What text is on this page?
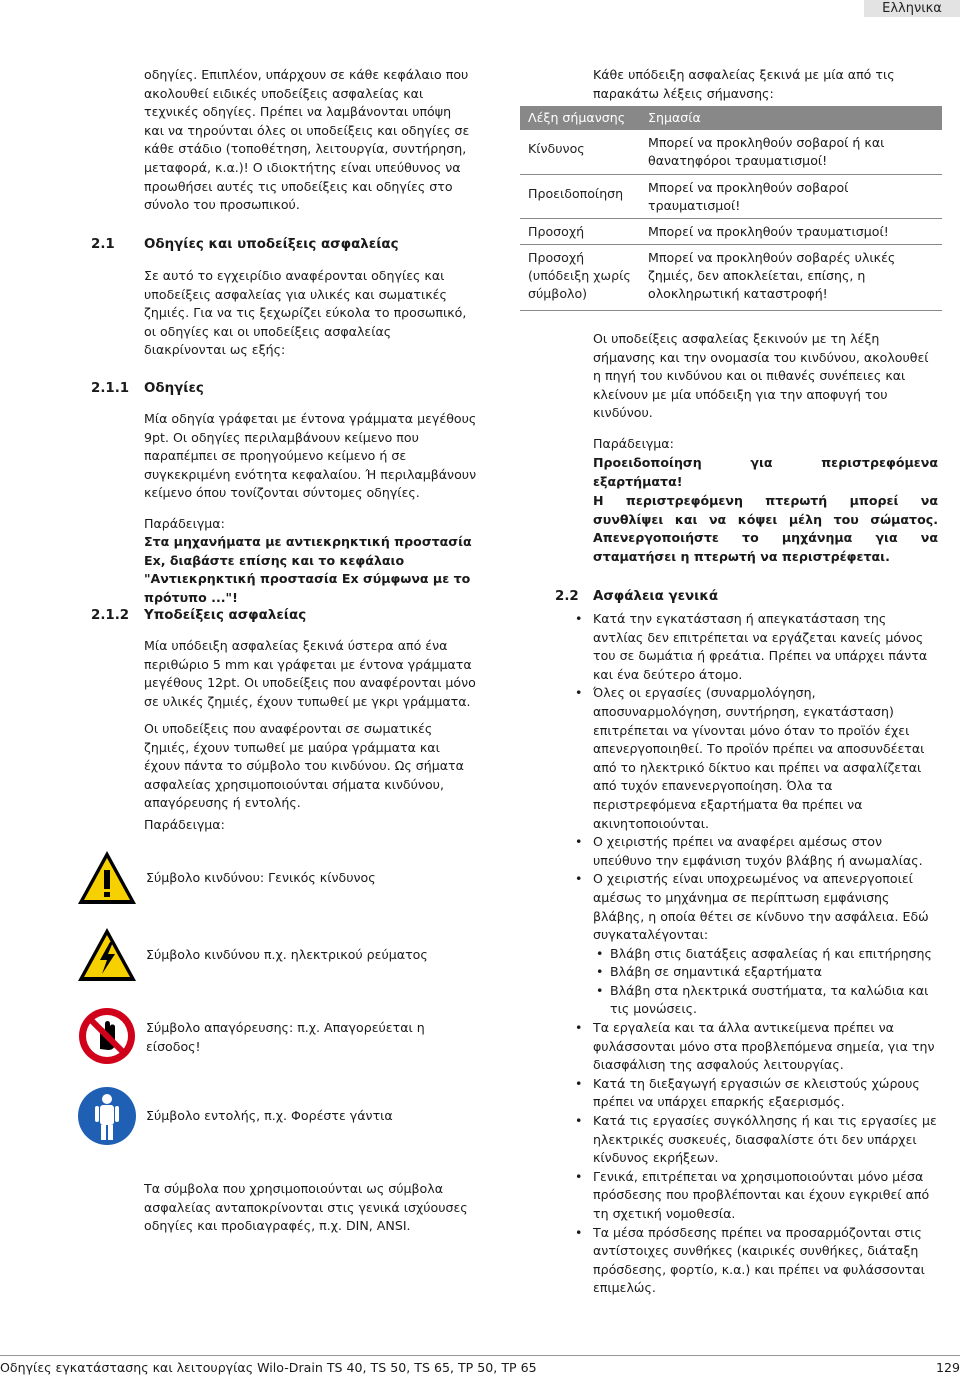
Ελληνικα

οδηγίες. Επιπλέον, υπάρχουν σε κάθε κεφάλαιο που ακολουθεί ειδικές υποδείξεις ασφαλείας και τεχνικές οδηγίες. Πρέπει να λαμβάνονται υπόψη και να τηρούνται όλες οι υποδείξεις και οδηγίες σε κάθε στάδιο (τοποθέτηση, λειτουργία, συντήρηση, μεταφορά, κ.α.)! Ο ιδιοκτήτης είναι υπεύθυνος να προωθήσει αυτές τις υποδείξεις και οδηγίες στο σύνολο του προσωπικού.

2.1 Οδηγίες και υποδείξεις ασφαλείας

Σε αυτό το εγχειρίδιο αναφέρονται οδηγίες και υποδείξεις ασφαλείας για υλικές και σωματικές ζημιές. Για να τις ξεχωρίζει εύκολα το προσωπικό, οι οδηγίες και οι υποδείξεις ασφαλείας διακρίνονται ως εξής:

2.1.1 Οδηγίες

Μία οδηγία γράφεται με έντονα γράμματα μεγέθους 9pt. Οι οδηγίες περιλαμβάνουν κείμενο που παραπέμπει σε προηγούμενο κείμενο ή σε συγκεκριμένη ενότητα κεφαλαίου. Ή περιλαμβάνουν κείμενο όπου τονίζονται σύντομες οδηγίες.

Παράδειγμα:

Στα μηχανήματα με αντιεκρηκτική προστασία Ex, διαβάστε επίσης και το κεφάλαιο "Αντιεκρηκτική προστασία Ex σύμφωνα με το πρότυπο ..."!

2.1.2 Υποδείξεις ασφαλείας

Μία υπόδειξη ασφαλείας ξεκινά ύστερα από ένα περιθώριο 5 mm και γράφεται με έντονα γράμματα μεγέθους 12pt. Οι υποδείξεις που αναφέρονται μόνο σε υλικές ζημιές, έχουν τυπωθεί με γκρι γράμματα.

Οι υποδείξεις που αναφέρονται σε σωματικές ζημιές, έχουν τυπωθεί με μαύρα γράμματα και έχουν πάντα το σύμβολο του κινδύνου. Ως σήματα ασφαλείας χρησιμοποιούνται σήματα κινδύνου, απαγόρευσης ή εντολής.

Παράδειγμα:

Σύμβολο κινδύνου: Γενικός κίνδυνος
Σύμβολο κινδύνου π.χ. ηλεκτρικού ρεύματος
Σύμβολο απαγόρευσης: π.χ. Απαγορεύεται η είσοδος!
Σύμβολο εντολής, π.χ. Φορέστε γάντια

Τα σύμβολα που χρησιμοποιούνται ως σύμβολα ασφαλείας ανταποκρίνονται στις γενικά ισχύουσες οδηγίες και προδιαγραφές, π.χ. DIN, ANSI.

Κάθε υπόδειξη ασφαλείας ξεκινά με μία από τις παρακάτω λέξεις σήμανσης:

Λέξη σήμανσης	Σημασία
Κίνδυνος	Μπορεί να προκληθούν σοβαροί ή και θανατηφόροι τραυματισμοί!
Προειδοποίηση	Μπορεί να προκληθούν σοβαροί τραυματισμοί!
Προσοχή	Μπορεί να προκληθούν τραυματισμοί!
Προσοχή (υπόδειξη χωρίς σύμβολο)	Μπορεί να προκληθούν σοβαρές υλικές ζημιές, δεν αποκλείεται, επίσης, η ολοκληρωτική καταστροφή!

Οι υποδείξεις ασφαλείας ξεκινούν με τη λέξη σήμανσης και την ονομασία του κινδύνου, ακολουθεί η πηγή του κινδύνου και οι πιθανές συνέπειες και κλείνουν με μία υπόδειξη για την αποφυγή του κινδύνου.

Παράδειγμα:

Προειδοποίηση για περιστρεφόμενα εξαρτήματα!

Η περιστρεφόμενη πτερωτή μπορεί να συνθλίψει και να κόψει μέλη του σώματος. Απενεργοποιήστε το μηχάνημα για να σταματήσει η πτερωτή να περιστρέφεται.

2.2 Ασφάλεια γενικά
• Κατά την εγκατάσταση ή απεγκατάσταση της αντλίας δεν επιτρέπεται να εργάζεται κανείς μόνος του σε δωμάτια ή φρεάτια. Πρέπει να υπάρχει πάντα και ένα δεύτερο άτομο.
• Όλες οι εργασίες (συναρμολόγηση, αποσυναρμολόγηση, συντήρηση, εγκατάσταση) επιτρέπεται να γίνονται μόνο όταν το προϊόν έχει απενεργοποιηθεί. Το προϊόν πρέπει να αποσυνδέεται από το ηλεκτρικό δίκτυο και πρέπει να ασφαλίζεται από τυχόν επανενεργοποίηση. Όλα τα περιστρεφόμενα εξαρτήματα θα πρέπει να ακινητοποιούνται.
• Ο χειριστής πρέπει να αναφέρει αμέσως στον υπεύθυνο την εμφάνιση τυχόν βλάβης ή ανωμαλίας.
• Ο χειριστής είναι υποχρεωμένος να απενεργοποιεί αμέσως το μηχάνημα σε περίπτωση εμφάνισης βλάβης, η οποία θέτει σε κίνδυνο την ασφάλεια. Εδώ συγκαταλέγονται:
• Βλάβη στις διατάξεις ασφαλείας ή και επιτήρησης
• Βλάβη σε σημαντικά εξαρτήματα
• Βλάβη στα ηλεκτρικά συστήματα, τα καλώδια και τις μονώσεις.
• Τα εργαλεία και τα άλλα αντικείμενα πρέπει να φυλάσσονται μόνο στα προβλεπόμενα σημεία, για την διασφάλιση της ασφαλούς λειτουργίας.
• Κατά τη διεξαγωγή εργασιών σε κλειστούς χώρους πρέπει να υπάρχει επαρκής εξαερισμός.
• Κατά τις εργασίες συγκόλλησης ή και τις εργασίες με ηλεκτρικές συσκευές, διασφαλίστε ότι δεν υπάρχει κίνδυνος εκρήξεων.
• Γενικά, επιτρέπεται να χρησιμοποιούνται μόνο μέσα πρόσδεσης που προβλέπονται και έχουν εγκριθεί από τη σχετική νομοθεσία.
• Τα μέσα πρόσδεσης πρέπει να προσαρμόζονται στις αντίστοιχες συνθήκες (καιρικές συνθήκες, διάταξη πρόσδεσης, φορτίο, κ.α.) και πρέπει να φυλάσσονται επιμελώς.
Οδηγίες εγκατάστασης και λειτουργίας Wilo-Drain TS 40, TS 50, TS 65, TP 50, TP 65	129
